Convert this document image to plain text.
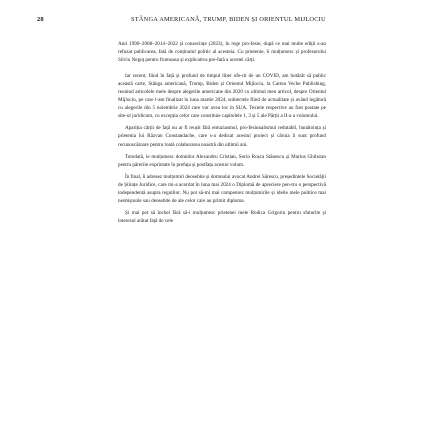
28	STÂNGA AMERICANĂ, TRUMP, BIDEN ȘI ORIENTUL MIJLOCIU

Anii 1990–2008–2014–2022 și consecințe (2023), în rege pro-fesie, după ce mai multe ediții s-au refuzat publicarea, fată de conținutul politic al acesteia. Cu prietenie, îi mulțumesc și profesorului Silviu Neguț pentru frumoasa și explicativa pre-fată a acestei cărți.

Iar recent, fiind în față și profund de timpul liber ofe-rit de un COVID, am hotărât să public această carte, Stânga americană, Trump, Biden și Orientul Mijlociu, la Cartea Veche Publishing, reunind articolele mele despre alegerile americane din 2020 cu ultimul meu articol, despre Orientul Mijlociu, pe care l-am finalizat în luna martie 2024, subiectele fiind de actualitate și având legătură cu alegerile din 5 noiembrie 2024 care vor avea loc în SUA. Textele respective au fost postate pe site-ul juridicum, cu excepția celor care constituie capitolele 1, 3 și 5 ale Părții a II-a a volumului.

Apariția cărții de față nu ar fi reușit fără entuziasmul, pro-fesionalismul redutabil, bunătoința și prietenia lui Răzvan Constandache, care s-a dedicat acestui proiect și căruia îi sunt profund recunoscătoare pentru toată colaborarea noastră din ultimii ani.

Totodată, le mulțumesc domnilor Alexandru Cristian, Sorin Roșca Stănescu și Marius Ghilezan pentru părerile exprimate în prefața și postfața acestui volum.

În final, îi adresez mulțumiri deosebite și domnului avocat Andrei Sărescu, președintele Societății de Științe Juridice, care mi-a acordat în luna mai 2024 o Diplomă de apreciere pen-tru o perspectivă independentă asupra regulilor. Nu pot să-mi mai compenrez mulțumirile și ideile mele politice mai neobișnuite sau deosebite de ale celor care au primit diploma.

Și mai pot să închei fără să-i mulțumesc prietenei mele Rodica Grigoriu pentru sfaturile și interesul arătat față de cele
